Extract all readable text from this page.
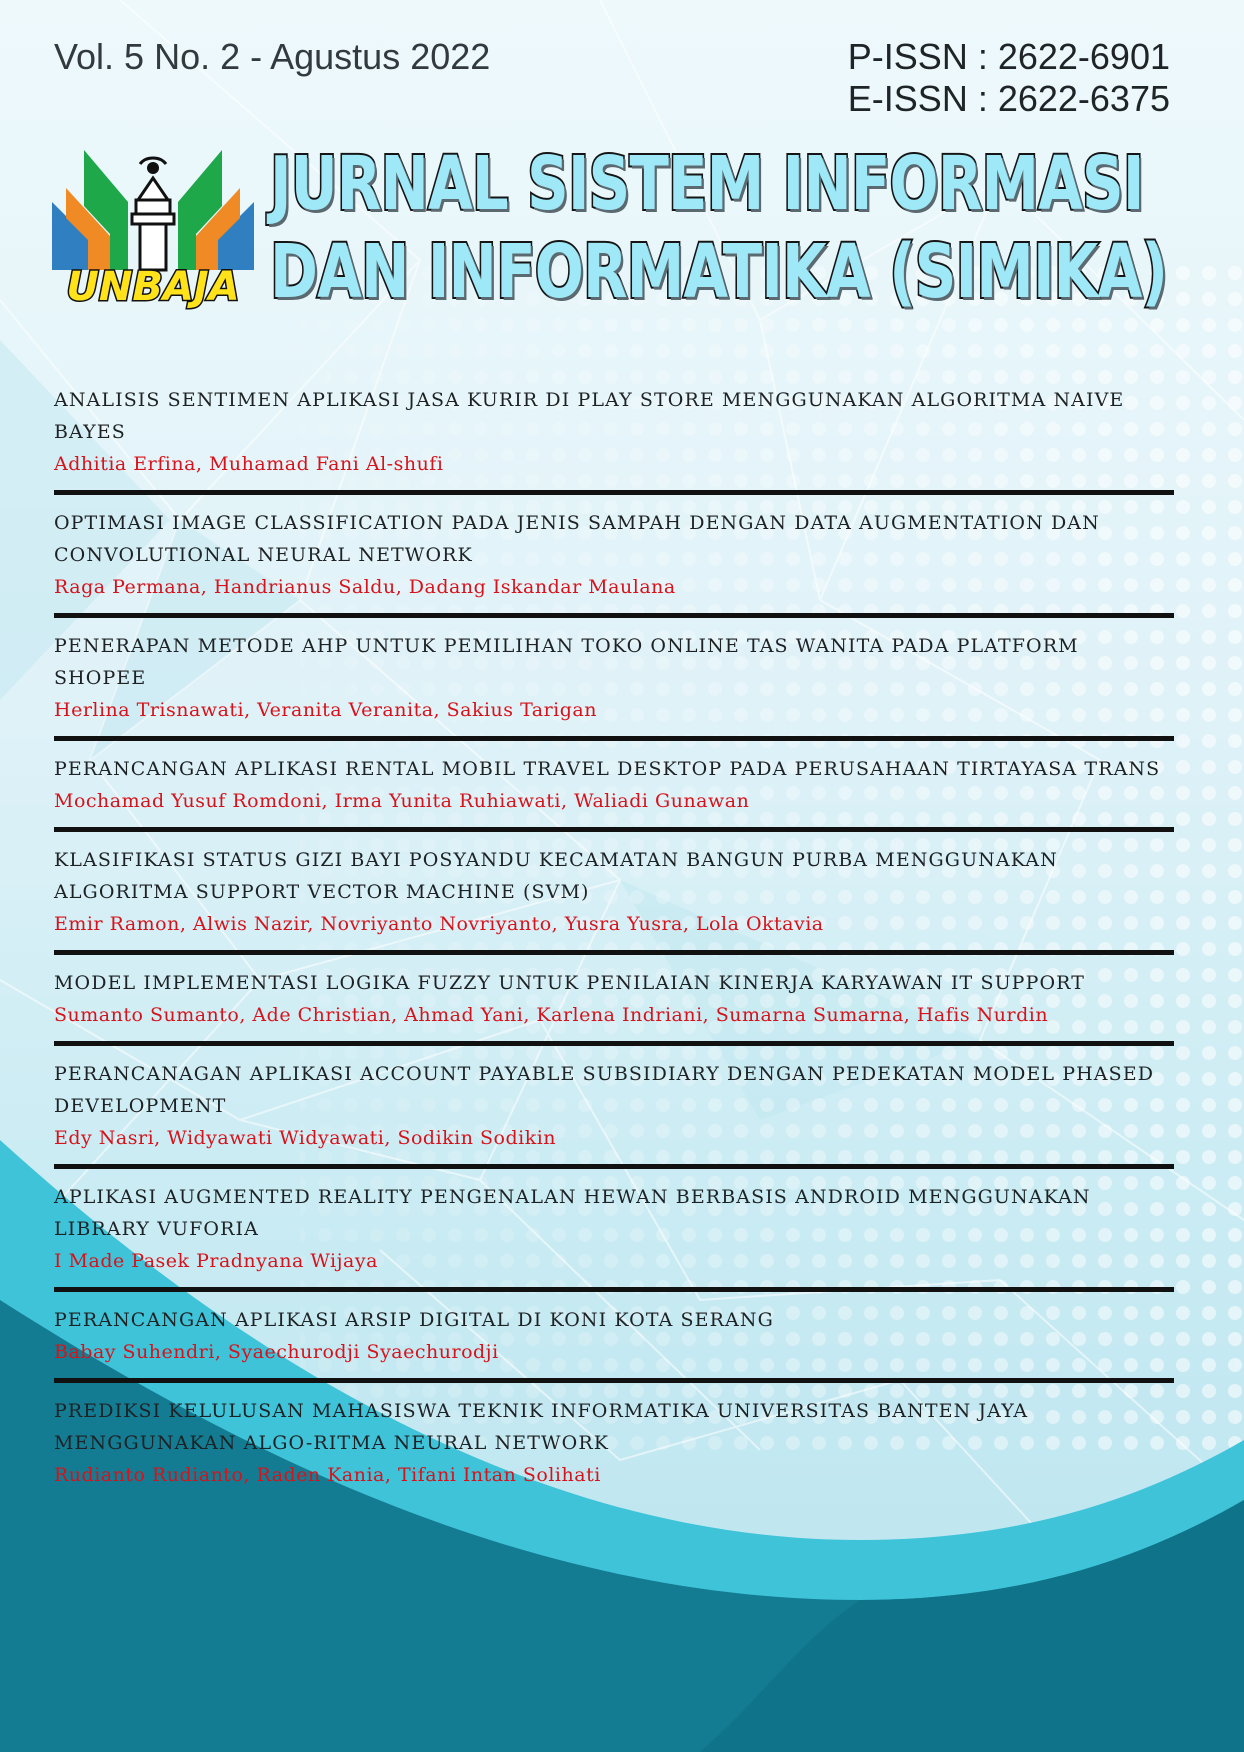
Vol. 5 No. 2 - Agustus 2022	P-ISSN : 2622-6901
E-ISSN : 2622-6375
UNBAJA
JURNAL SISTEM INFORMASI
DAN INFORMATIKA (SIMIKA)
ANALISIS SENTIMEN APLIKASI JASA KURIR DI PLAY STORE MENGGUNAKAN ALGORITMA NAIVE BAYES
Adhitia Erfina, Muhamad Fani Al-shufi
OPTIMASI IMAGE CLASSIFICATION PADA JENIS SAMPAH DENGAN DATA AUGMENTATION DAN CONVOLUTIONAL NEURAL NETWORK
Raga Permana, Handrianus Saldu, Dadang Iskandar Maulana
PENERAPAN METODE AHP UNTUK PEMILIHAN TOKO ONLINE TAS WANITA PADA PLATFORM SHOPEE
Herlina Trisnawati, Veranita Veranita, Sakius Tarigan
PERANCANGAN APLIKASI RENTAL MOBIL TRAVEL DESKTOP PADA PERUSAHAAN TIRTAYASA TRANS
Mochamad Yusuf Romdoni, Irma Yunita Ruhiawati, Waliadi Gunawan
KLASIFIKASI STATUS GIZI BAYI POSYANDU KECAMATAN BANGUN PURBA MENGGUNAKAN ALGORITMA SUPPORT VECTOR MACHINE (SVM)
Emir Ramon, Alwis Nazir, Novriyanto Novriyanto, Yusra Yusra, Lola Oktavia
MODEL IMPLEMENTASI LOGIKA FUZZY UNTUK PENILAIAN KINERJA KARYAWAN IT SUPPORT
Sumanto Sumanto, Ade Christian, Ahmad Yani, Karlena Indriani, Sumarna Sumarna, Hafis Nurdin
PERANCANAGAN APLIKASI ACCOUNT PAYABLE SUBSIDIARY DENGAN PEDEKATAN MODEL PHASED DEVELOPMENT
Edy Nasri, Widyawati Widyawati, Sodikin Sodikin
APLIKASI AUGMENTED REALITY PENGENALAN HEWAN BERBASIS ANDROID MENGGUNAKAN LIBRARY VUFORIA
I Made Pasek Pradnyana Wijaya
PERANCANGAN APLIKASI ARSIP DIGITAL DI KONI KOTA SERANG
Babay Suhendri, Syaechurodji Syaechurodji
PREDIKSI KELULUSAN MAHASISWA TEKNIK INFORMATIKA UNIVERSITAS BANTEN JAYA MENGGUNAKAN ALGO-RITMA NEURAL NETWORK
Rudianto Rudianto, Raden Kania, Tifani Intan Solihati
